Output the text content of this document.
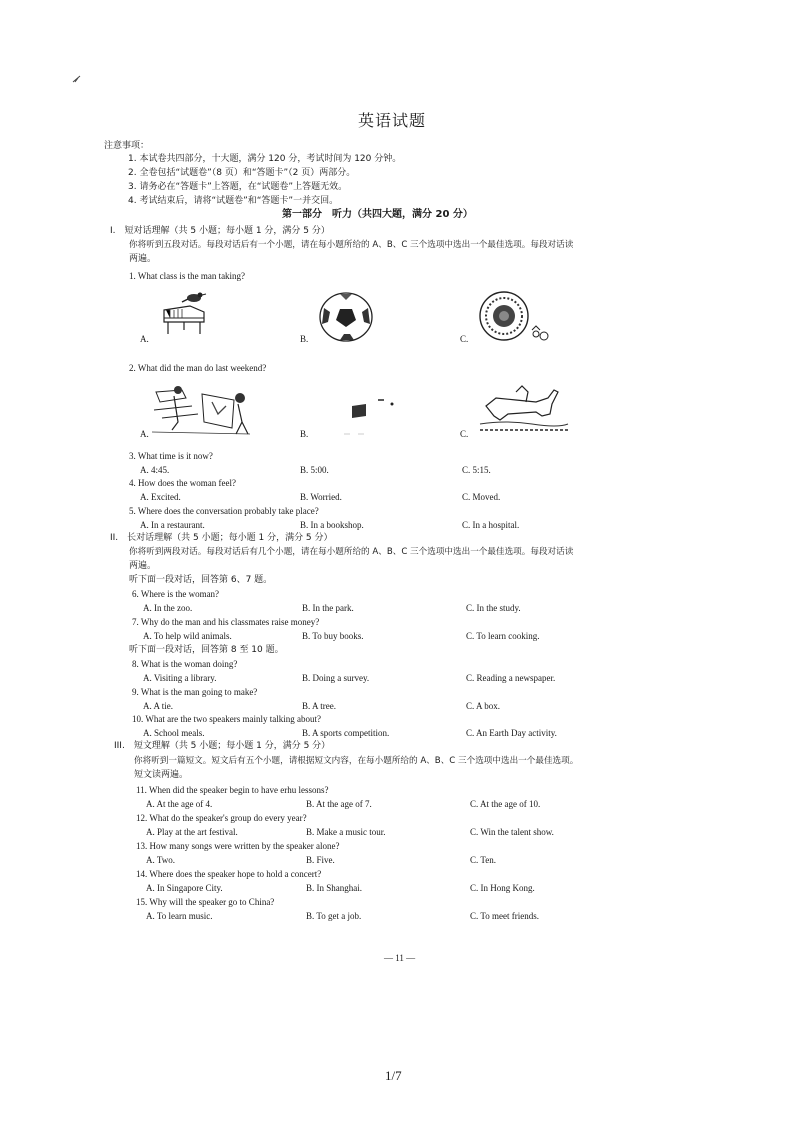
英语试题
注意事项：
1. 本试卷共四部分，十大题，满分 120 分，考试时间为 120 分钟。
2. 全卷包括“试题卷”（8 页）和“答题卡”（2 页）两部分。
3. 请务必在“答题卡”上答题，在“试题卷”上答题无效。
4. 考试结束后，请将“试题卷”和“答题卡”一并交回。
第一部分　听力（共四大题，满分 20 分）
I.　短对话理解（共 5 小题；每小题 1 分，满分 5 分）
你将听到五段对话。每段对话后有一个小题，请在每小题所给的 A、B、C 三个选项中选出一个最佳选项。每段对话读
两遍。
1. What class is the man taking?
A.	B.	C.
2. What did the man do last weekend?
A.	B.	C.
3. What time is it now?
A. 4:45.	B. 5:00.	C. 5:15.
4. How does the woman feel?
A. Excited.	B. Worried.	C. Moved.
5. Where does the conversation probably take place?
A. In a restaurant.	B. In a bookshop.	C. In a hospital.
II.　长对话理解（共 5 小题；每小题 1 分，满分 5 分）
你将听到两段对话。每段对话后有几个小题，请在每小题所给的 A、B、C 三个选项中选出一个最佳选项。每段对话读
两遍。
听下面一段对话，回答第 6、7 题。
6. Where is the woman?
A. In the zoo.	B. In the park.	C. In the study.
7. Why do the man and his classmates raise money?
A. To help wild animals.	B. To buy books.	C. To learn cooking.
听下面一段对话，回答第 8 至 10 题。
8. What is the woman doing?
A. Visiting a library.	B. Doing a survey.	C. Reading a newspaper.
9. What is the man going to make?
A. A tie.	B. A tree.	C. A box.
10. What are the two speakers mainly talking about?
A. School meals.	B. A sports competition.	C. An Earth Day activity.
III.　短文理解（共 5 小题；每小题 1 分，满分 5 分）
你将听到一篇短文。短文后有五个小题，请根据短文内容，在每小题所给的 A、B、C 三个选项中选出一个最佳选项。
短文读两遍。
11. When did the speaker begin to have erhu lessons?
A. At the age of 4.	B. At the age of 7.	C. At the age of 10.
12. What do the speaker's group do every year?
A. Play at the art festival.	B. Make a music tour.	C. Win the talent show.
13. How many songs were written by the speaker alone?
A. Two.	B. Five.	C. Ten.
14. Where does the speaker hope to hold a concert?
A. In Singapore City.	B. In Shanghai.	C. In Hong Kong.
15. Why will the speaker go to China?
A. To learn music.	B. To get a job.	C. To meet friends.
— 11 —
1/7
